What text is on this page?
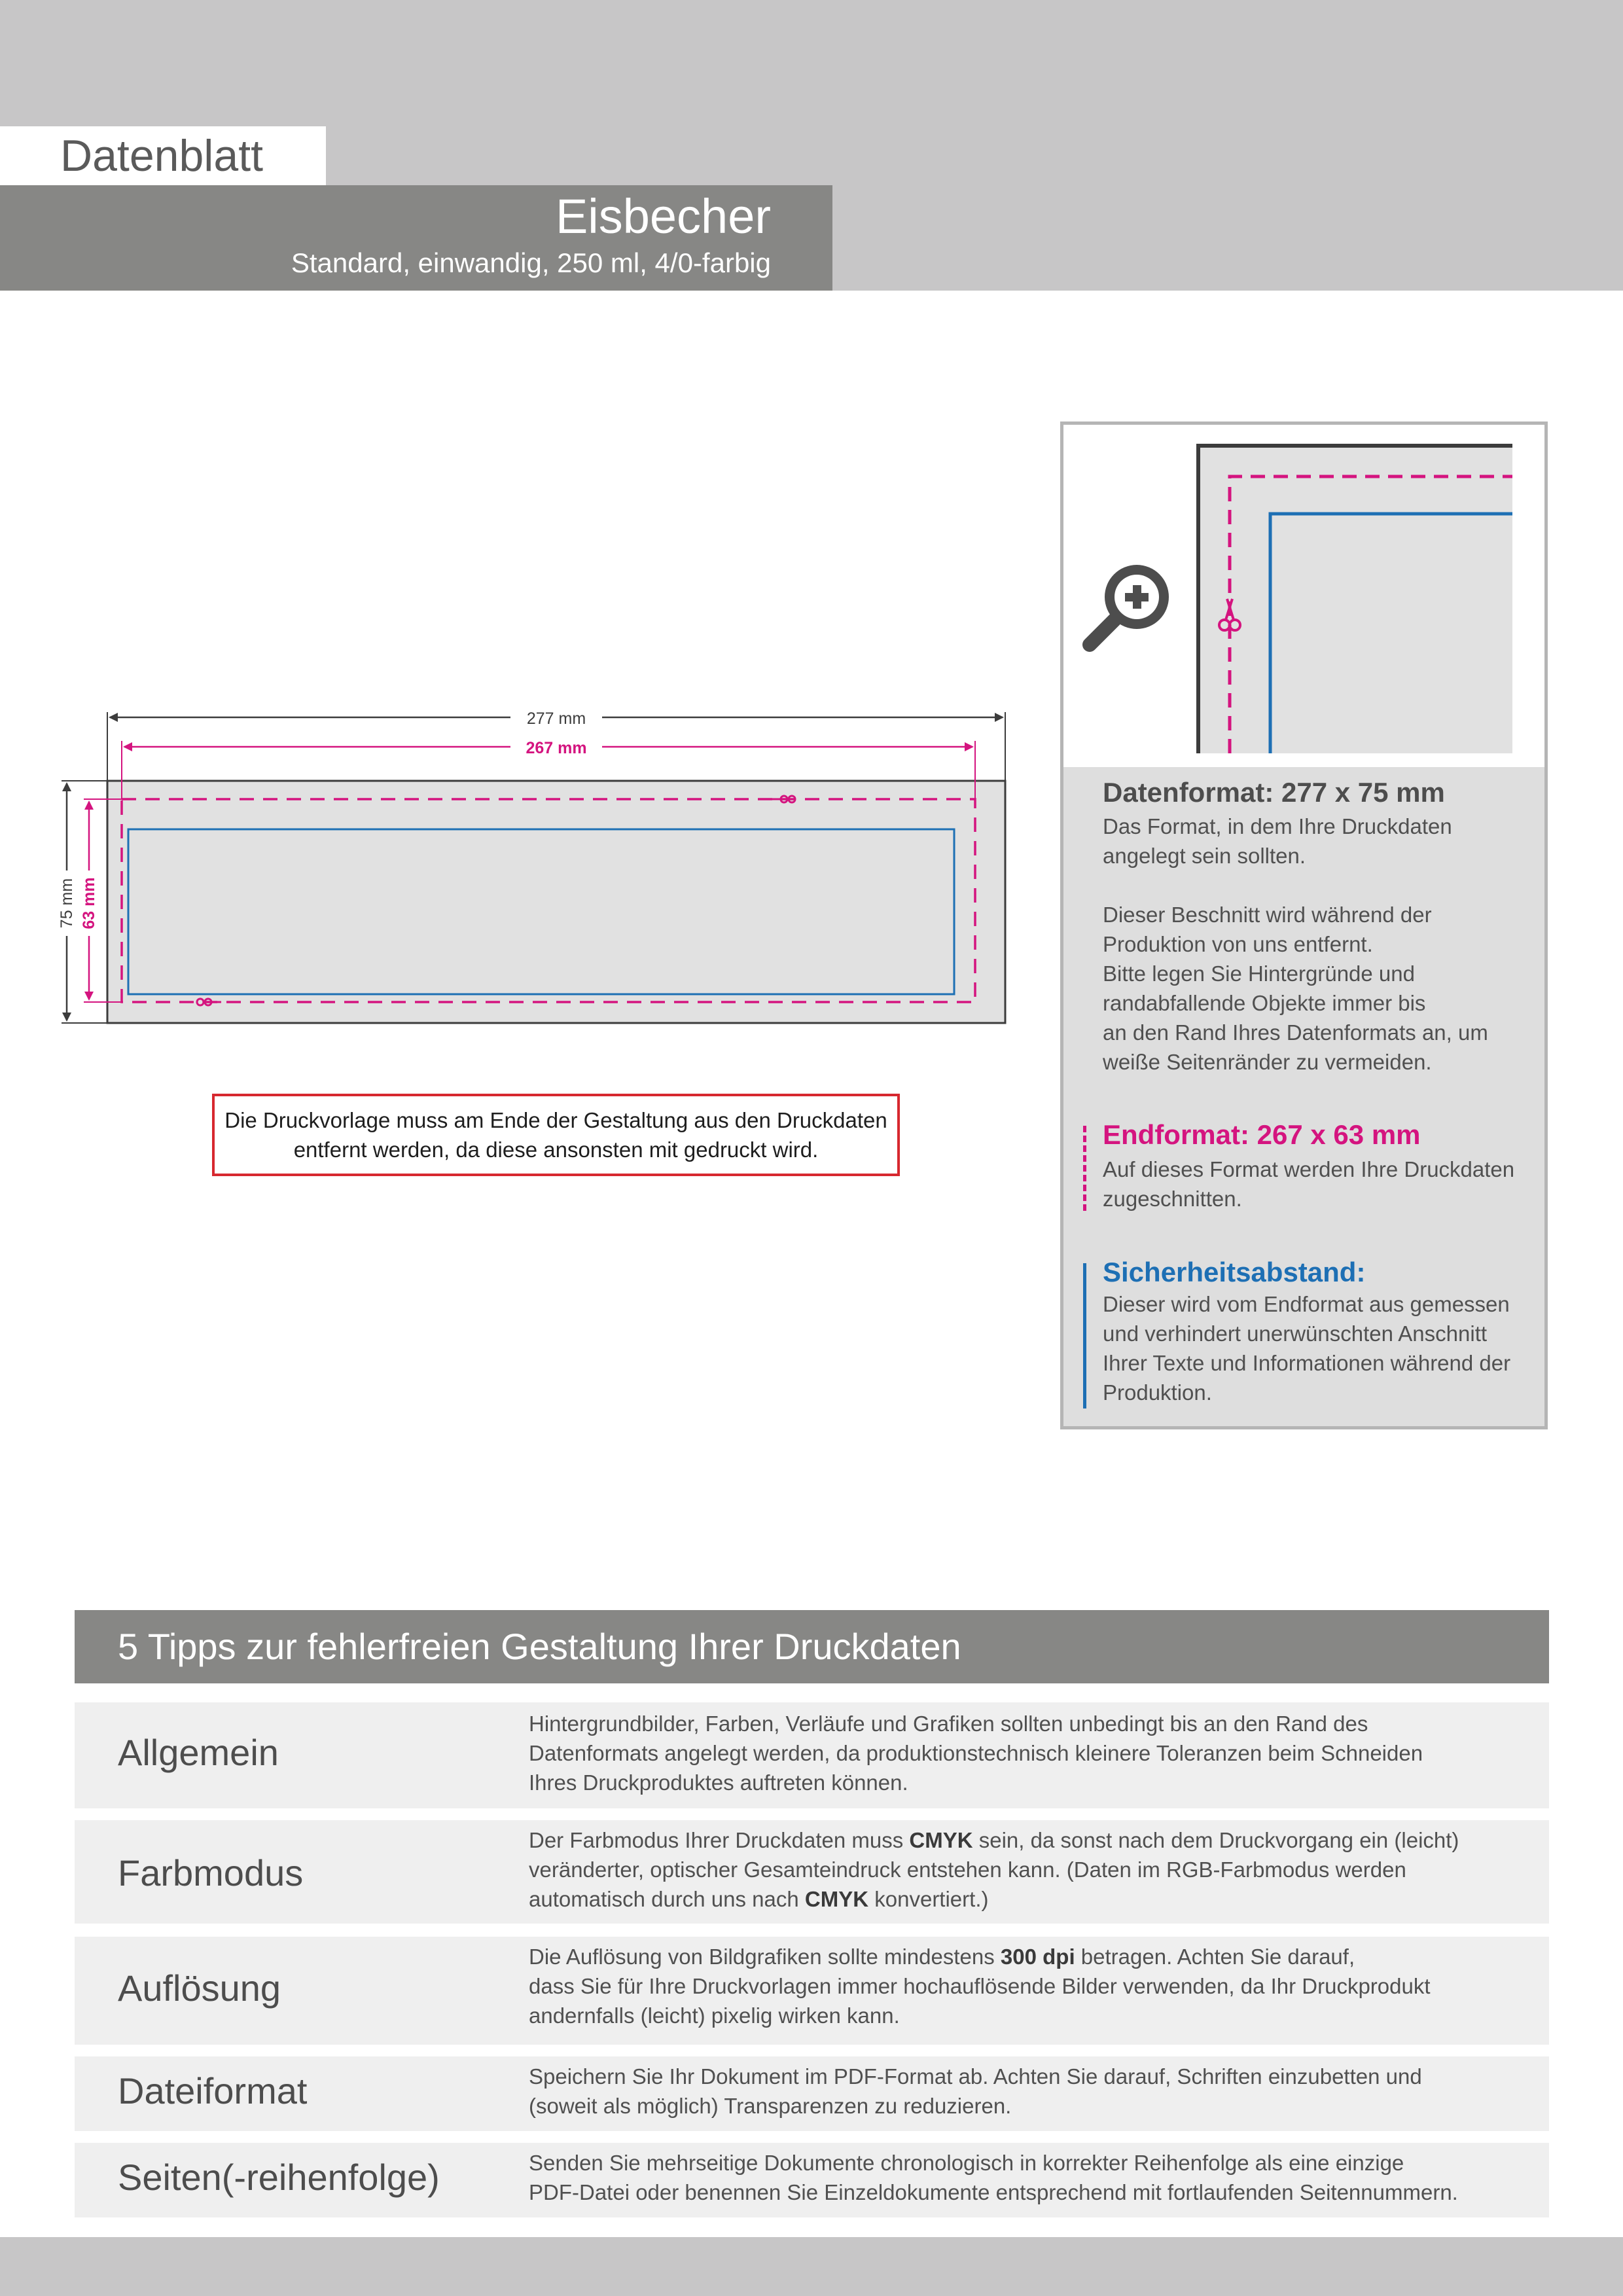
Datenblatt
Eisbecher
Standard, einwandig, 250 ml, 4/0-farbig
277 mm
267 mm
75 mm 63 mm
Die Druckvorlage muss am Ende der Gestaltung aus den Druckdaten
entfernt werden, da diese ansonsten mit gedruckt wird.
Datenformat: 277 x 75 mm
Das Format, in dem Ihre Druckdaten
angelegt sein sollten.
Dieser Beschnitt wird während der
Produktion von uns entfernt.
Bitte legen Sie Hintergründe und
randabfallende Objekte immer bis
an den Rand Ihres Datenformats an, um
weiße Seitenränder zu vermeiden.
Endformat: 267 x 63 mm
Auf dieses Format werden Ihre Druckdaten
zugeschnitten.
Sicherheitsabstand:
Dieser wird vom Endformat aus gemessen
und verhindert unerwünschten Anschnitt
Ihrer Texte und Informationen während der
Produktion.
5 Tipps zur fehlerfreien Gestaltung Ihrer Druckdaten
Allgemein
Hintergrundbilder, Farben, Verläufe und Grafiken sollten unbedingt bis an den Rand des
Datenformats angelegt werden, da produktionstechnisch kleinere Toleranzen beim Schneiden
Ihres Druckproduktes auftreten können.
Farbmodus
Der Farbmodus Ihrer Druckdaten muss CMYK sein, da sonst nach dem Druckvorgang ein (leicht)
veränderter, optischer Gesamteindruck entstehen kann. (Daten im RGB-Farbmodus werden
automatisch durch uns nach CMYK konvertiert.)
Auflösung
Die Auflösung von Bildgrafiken sollte mindestens 300 dpi betragen. Achten Sie darauf,
dass Sie für Ihre Druckvorlagen immer hochauflösende Bilder verwenden, da Ihr Druckprodukt
andernfalls (leicht) pixelig wirken kann.
Dateiformat	Speichern Sie Ihr Dokument im PDF-Format ab. Achten Sie darauf, Schriften einzubetten und
(soweit als möglich) Transparenzen zu reduzieren.
Seiten(-reihenfolge)	Senden Sie mehrseitige Dokumente chronologisch in korrekter Reihenfolge als eine einzige
PDF-Datei oder benennen Sie Einzeldokumente entsprechend mit fortlaufenden Seitennummern.
